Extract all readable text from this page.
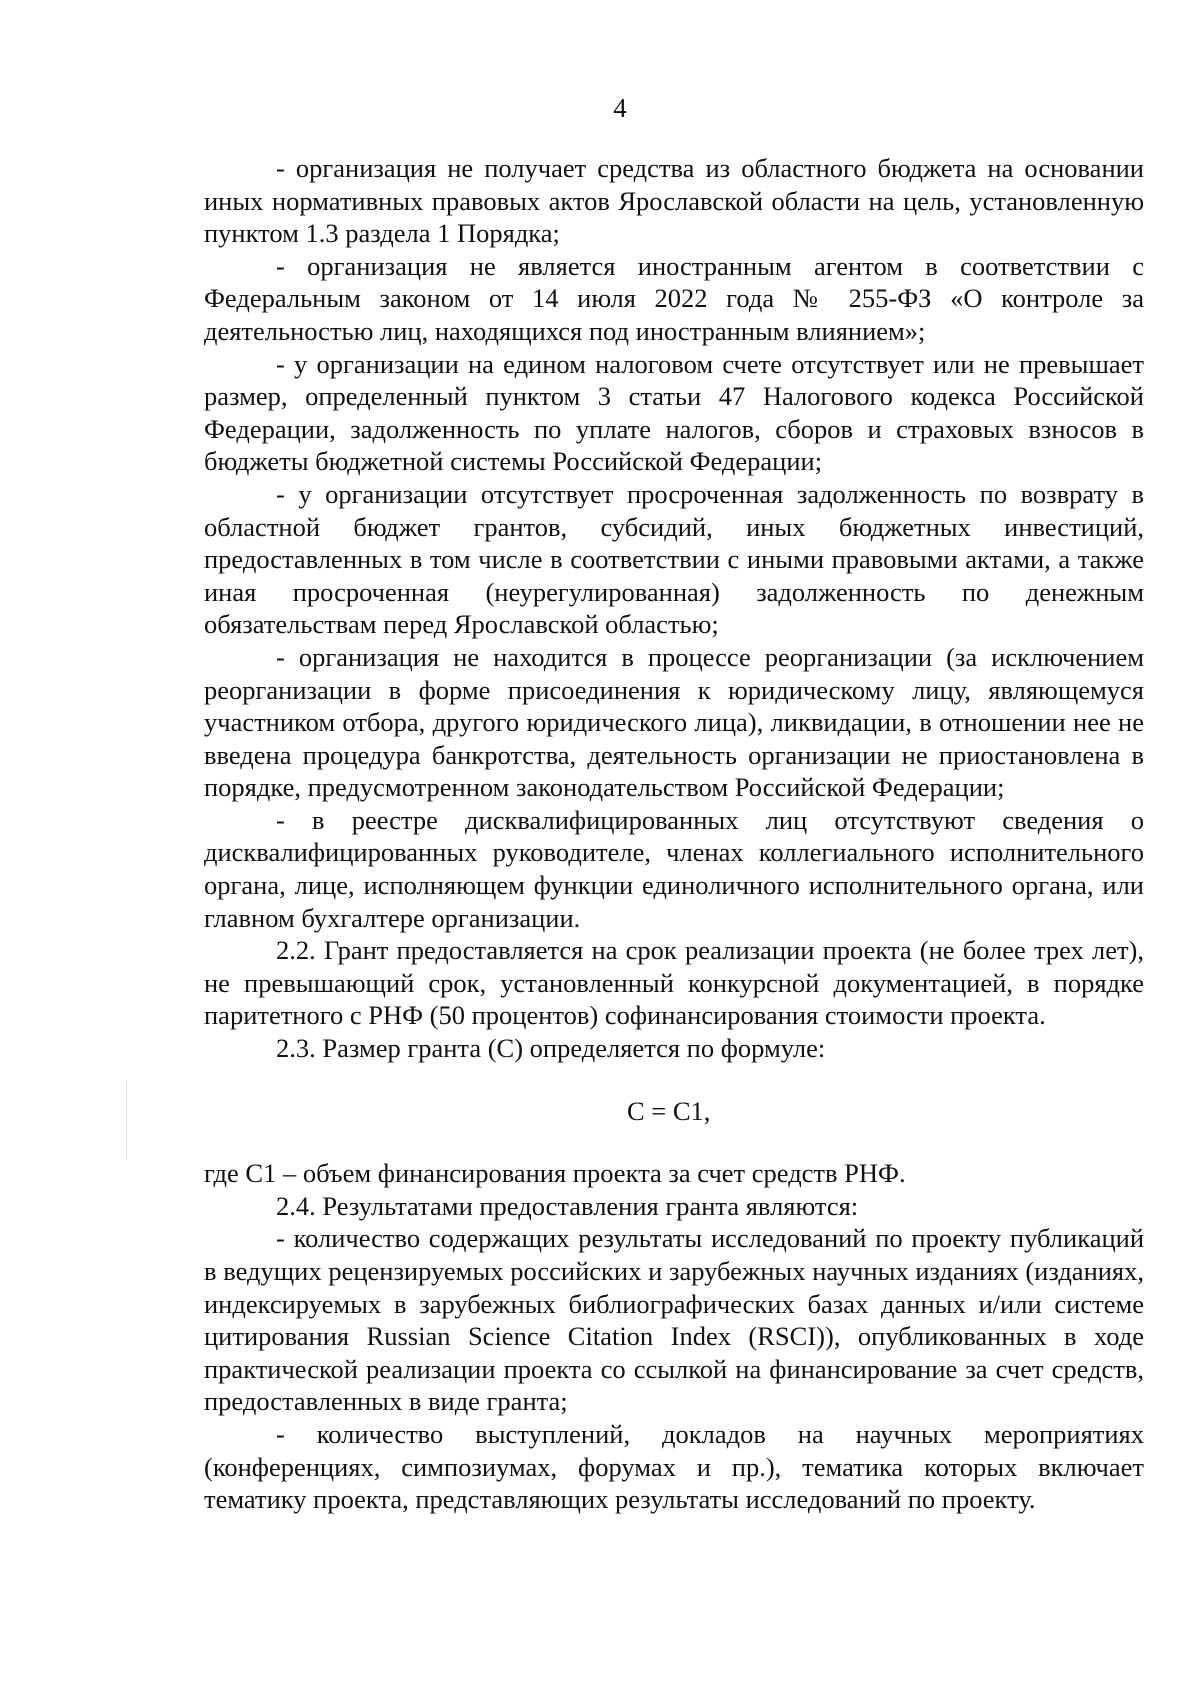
4

- организация не получает средства из областного бюджета на основании иных нормативных правовых актов Ярославской области на цель, установленную пунктом 1.3 раздела 1 Порядка;

- организация не является иностранным агентом в соответствии с Федеральным законом от 14 июля 2022 года № 255-ФЗ «О контроле за деятельностью лиц, находящихся под иностранным влиянием»;

- у организации на едином налоговом счете отсутствует или не превышает размер, определенный пунктом 3 статьи 47 Налогового кодекса Российской Федерации, задолженность по уплате налогов, сборов и страховых взносов в бюджеты бюджетной системы Российской Федерации;

- у организации отсутствует просроченная задолженность по возврату в областной бюджет грантов, субсидий, иных бюджетных инвестиций, предоставленных в том числе в соответствии с иными правовыми актами, а также иная просроченная (неурегулированная) задолженность по денежным обязательствам перед Ярославской областью;

- организация не находится в процессе реорганизации (за исключением реорганизации в форме присоединения к юридическому лицу, являющемуся участником отбора, другого юридического лица), ликвидации, в отношении нее не введена процедура банкротства, деятельность организации не приостановлена в порядке, предусмотренном законодательством Российской Федерации;

- в реестре дисквалифицированных лиц отсутствуют сведения о дисквалифицированных руководителе, членах коллегиального исполнительного органа, лице, исполняющем функции единоличного исполнительного органа, или главном бухгалтере организации.

2.2. Грант предоставляется на срок реализации проекта (не более трех лет), не превышающий срок, установленный конкурсной документацией, в порядке паритетного с РНФ (50 процентов) софинансирования стоимости проекта.

2.3. Размер гранта (С) определяется по формуле:

С = С1,

где С1 – объем финансирования проекта за счет средств РНФ.

2.4. Результатами предоставления гранта являются:

- количество содержащих результаты исследований по проекту публикаций в ведущих рецензируемых российских и зарубежных научных изданиях (изданиях, индексируемых в зарубежных библиографических базах данных и/или системе цитирования Russian Science Citation Index (RSCI)), опубликованных в ходе практической реализации проекта со ссылкой на финансирование за счет средств, предоставленных в виде гранта;

- количество выступлений, докладов на научных мероприятиях (конференциях, симпозиумах, форумах и пр.), тематика которых включает тематику проекта, представляющих результаты исследований по проекту.
